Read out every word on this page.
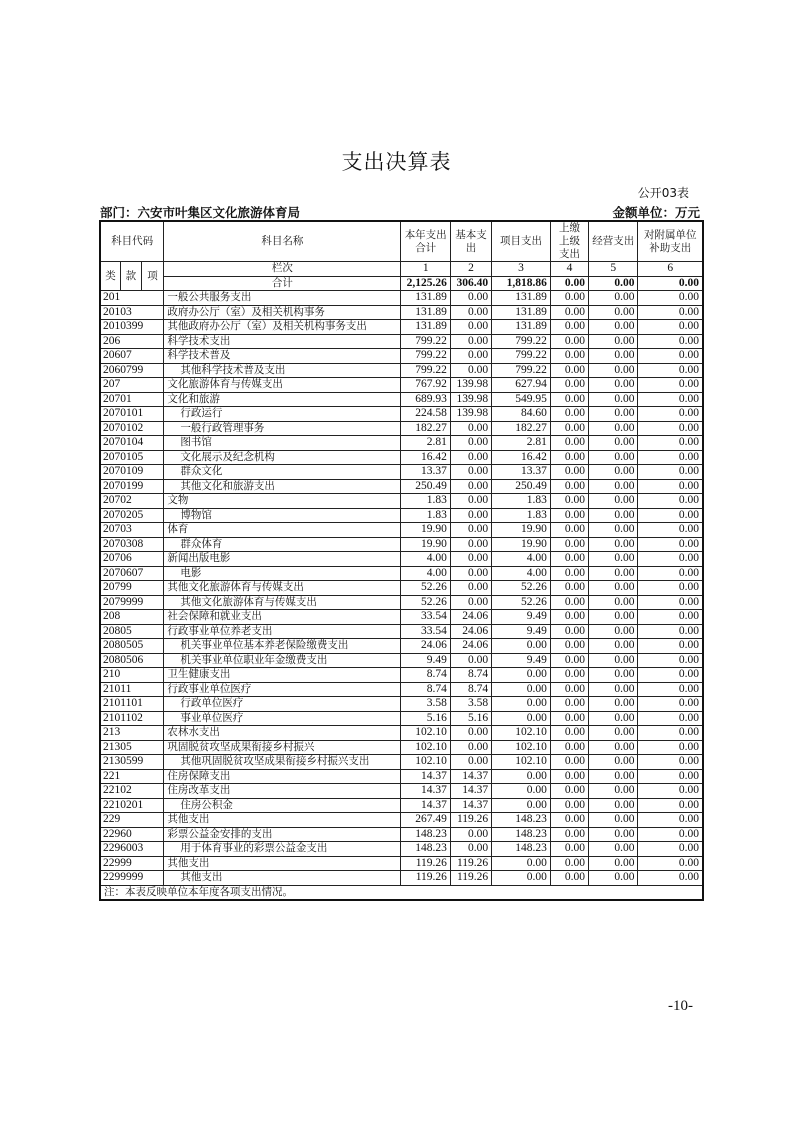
支出决算表
公开03表
部门：六安市叶集区文化旅游体育局	金额单位：万元
科目代码			科目名称	本年支出合计	基本支出	项目支出	上缴上级支出	经营支出	对附属单位补助支出
类	款	项	栏次	1	2	3	4	5	6
			合计	2,125.26	306.40	1,818.86	0.00	0.00	0.00
201			一般公共服务支出	131.89	0.00	131.89	0.00	0.00	0.00
20103			政府办公厅（室）及相关机构事务	131.89	0.00	131.89	0.00	0.00	0.00
2010399			其他政府办公厅（室）及相关机构事务支出	131.89	0.00	131.89	0.00	0.00	0.00
206			科学技术支出	799.22	0.00	799.22	0.00	0.00	0.00
20607			科学技术普及	799.22	0.00	799.22	0.00	0.00	0.00
2060799			其他科学技术普及支出	799.22	0.00	799.22	0.00	0.00	0.00
207			文化旅游体育与传媒支出	767.92	139.98	627.94	0.00	0.00	0.00
20701			文化和旅游	689.93	139.98	549.95	0.00	0.00	0.00
2070101			行政运行	224.58	139.98	84.60	0.00	0.00	0.00
2070102			一般行政管理事务	182.27	0.00	182.27	0.00	0.00	0.00
2070104			图书馆	2.81	0.00	2.81	0.00	0.00	0.00
2070105			文化展示及纪念机构	16.42	0.00	16.42	0.00	0.00	0.00
2070109			群众文化	13.37	0.00	13.37	0.00	0.00	0.00
2070199			其他文化和旅游支出	250.49	0.00	250.49	0.00	0.00	0.00
20702			文物	1.83	0.00	1.83	0.00	0.00	0.00
2070205			博物馆	1.83	0.00	1.83	0.00	0.00	0.00
20703			体育	19.90	0.00	19.90	0.00	0.00	0.00
2070308			群众体育	19.90	0.00	19.90	0.00	0.00	0.00
20706			新闻出版电影	4.00	0.00	4.00	0.00	0.00	0.00
2070607			电影	4.00	0.00	4.00	0.00	0.00	0.00
20799			其他文化旅游体育与传媒支出	52.26	0.00	52.26	0.00	0.00	0.00
2079999			其他文化旅游体育与传媒支出	52.26	0.00	52.26	0.00	0.00	0.00
208			社会保障和就业支出	33.54	24.06	9.49	0.00	0.00	0.00
20805			行政事业单位养老支出	33.54	24.06	9.49	0.00	0.00	0.00
2080505			机关事业单位基本养老保险缴费支出	24.06	24.06	0.00	0.00	0.00	0.00
2080506			机关事业单位职业年金缴费支出	9.49	0.00	9.49	0.00	0.00	0.00
210			卫生健康支出	8.74	8.74	0.00	0.00	0.00	0.00
21011			行政事业单位医疗	8.74	8.74	0.00	0.00	0.00	0.00
2101101			行政单位医疗	3.58	3.58	0.00	0.00	0.00	0.00
2101102			事业单位医疗	5.16	5.16	0.00	0.00	0.00	0.00
213			农林水支出	102.10	0.00	102.10	0.00	0.00	0.00
21305			巩固脱贫攻坚成果衔接乡村振兴	102.10	0.00	102.10	0.00	0.00	0.00
2130599			其他巩固脱贫攻坚成果衔接乡村振兴支出	102.10	0.00	102.10	0.00	0.00	0.00
221			住房保障支出	14.37	14.37	0.00	0.00	0.00	0.00
22102			住房改革支出	14.37	14.37	0.00	0.00	0.00	0.00
2210201			住房公积金	14.37	14.37	0.00	0.00	0.00	0.00
229			其他支出	267.49	119.26	148.23	0.00	0.00	0.00
22960			彩票公益金安排的支出	148.23	0.00	148.23	0.00	0.00	0.00
2296003			用于体育事业的彩票公益金支出	148.23	0.00	148.23	0.00	0.00	0.00
22999			其他支出	119.26	119.26	0.00	0.00	0.00	0.00
2299999			其他支出	119.26	119.26	0.00	0.00	0.00	0.00
注：本表反映单位本年度各项支出情况。									
-10-
